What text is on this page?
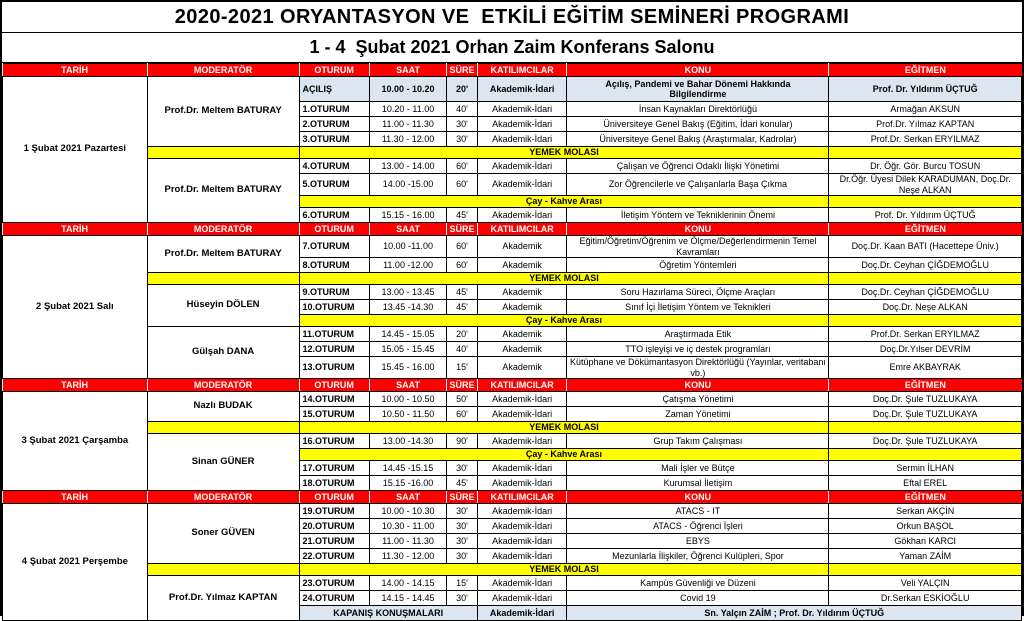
2020-2021 ORYANTASYON VE  ETKİLİ EĞİTİM SEMİNERİ PROGRAMI
1 - 4  Şubat 2021 Orhan Zaim Konferans Salonu
TARİH	MODERATÖR	OTURUM	SAAT	SÜRE	KATILIMCILAR	KONU	EĞİTMEN
1 Şubat 2021 Pazartesi	Prof.Dr. Meltem BATURAY	AÇILIŞ	10.00 - 10.20	20'	Akademik-İdari	Açılış, Pandemi ve Bahar Dönemi Hakkında Bilgilendirme	Prof. Dr. Yıldırım ÜÇTUĞ
		1.OTURUM	10.20 - 11.00	40'	Akademik-İdari	İnsan Kaynakları Direktörlüğü	Armağan AKSUN
		2.OTURUM	11.00 - 11.30	30'	Akademik-İdari	Üniversiteye Genel Bakış (Eğitim, İdari konular)	Prof.Dr. Yılmaz KAPTAN
		3.OTURUM	11.30 - 12.00	30'	Akademik-İdari	Üniversiteye Genel Bakış (Araştırmalar, Kadrolar)	Prof.Dr. Serkan ERYILMAZ
		YEMEK MOLASI					
	Prof.Dr. Meltem BATURAY	4.OTURUM	13.00 - 14.00	60'	Akademik-İdari	Çalışan ve Öğrenci Odaklı İlişki Yönetimi	Dr. Öğr. Gör. Burcu TOSUN
		5.OTURUM	14.00 -15.00	60'	Akademik-İdari	Zor Öğrencilerle ve Çalışanlarla Başa Çıkma	Dr.Öğr. Üyesi Dilek KARADUMAN, Doç.Dr. Neşe ALKAN
		Çay - Kahve Arası					
		6.OTURUM	15.15 - 16.00	45'	Akademik-İdari	İletişim Yöntem ve Tekniklerinin Önemi	Prof. Dr. Yıldırım ÜÇTUĞ
TARİH	MODERATÖR	OTURUM	SAAT	SÜRE	KATILIMCILAR	KONU	EĞİTMEN
2 Şubat 2021 Salı	Prof.Dr. Meltem BATURAY	7.OTURUM	10.00 -11.00	60'	Akademik	Eğitim/Öğretim/Öğrenim ve Ölçme/Değerlendirmenin Temel Kavramları	Doç.Dr. Kaan BATI (Hacettepe Üniv.)
		8.OTURUM	11.00 -12.00	60'	Akademik	Öğretim Yöntemleri	Doç.Dr. Ceyhan ÇİĞDEMOĞLU
		YEMEK MOLASI					
	Hüseyin DÖLEN	9.OTURUM	13.00 - 13.45	45'	Akademik	Soru Hazırlama Süreci, Ölçme Araçları	Doç.Dr. Ceyhan ÇİĞDEMOĞLU
		10.OTURUM	13.45 -14.30	45'	Akademik	Sınıf İçi İletişim Yöntem ve Teknikleri	Doç.Dr. Neşe ALKAN
		Çay - Kahve Arası					
	Gülşah DANA	11.OTURUM	14.45 - 15.05	20'	Akademik	Araştırmada Etik	Prof.Dr. Serkan ERYILMAZ
		12.OTURUM	15.05 - 15.45	40'	Akademik	TTO işleyişi ve iç destek programları	Doç.Dr.Yılser DEVRİM
		13.OTURUM	15.45 - 16.00	15'	Akademik	Kütüphane ve Dökümantasyon Direktörlüğü (Yayınlar, veritabanı vb.)	Emre AKBAYRAK
TARİH	MODERATÖR	OTURUM	SAAT	SÜRE	KATILIMCILAR	KONU	EĞİTMEN
3 Şubat 2021 Çarşamba	Nazlı BUDAK	14.OTURUM	10.00 - 10.50	50'	Akademik-İdari	Çatışma Yönetimi	Doç.Dr. Şule TUZLUKAYA
		15.OTURUM	10.50 - 11.50	60'	Akademik-İdari	Zaman Yönetimi	Doç.Dr. Şule TUZLUKAYA
		YEMEK MOLASI					
	Sinan GÜNER	16.OTURUM	13.00 -14.30	90'	Akademik-İdari	Grup Takım Çalışması	Doç.Dr. Şule TUZLUKAYA
		Çay - Kahve Arası					
		17.OTURUM	14.45 -15.15	30'	Akademik-İdari	Mali İşler ve Bütçe	Sermin İLHAN
		18.OTURUM	15.15 -16.00	45'	Akademik-İdari	Kurumsal İletişim	Eftal EREL
TARİH	MODERATÖR	OTURUM	SAAT	SÜRE	KATILIMCILAR	KONU	EĞİTMEN
4 Şubat 2021 Perşembe	Soner GÜVEN	19.OTURUM	10.00 - 10.30	30'	Akademik-İdari	ATACS - IT	Serkan AKÇİN
		20.OTURUM	10.30 - 11.00	30'	Akademik-İdari	ATACS - Öğrenci İşleri	Orkun BAŞOL
		21.OTURUM	11.00 - 11.30	30'	Akademik-İdari	EBYS	Gökhan KARCI
		22.OTURUM	11.30 - 12.00	30'	Akademik-İdari	Mezunlarla İlişkiler, Öğrenci Kulüpleri, Spor	Yaman ZAİM
		YEMEK MOLASI					
	Prof.Dr. Yılmaz KAPTAN	23.OTURUM	14.00 - 14.15	15'	Akademik-İdari	Kampüs Güvenliği ve Düzeni	Veli YALÇIN
		24.OTURUM	14.15 - 14.45	30'	Akademik-İdari	Covid 19	Dr.Serkan ESKİOĞLU
		KAPANIŞ KONUŞMALARI			Akademik-İdari	Sn. Yalçın ZAİM ; Prof. Dr. Yıldırım ÜÇTUĞ	
